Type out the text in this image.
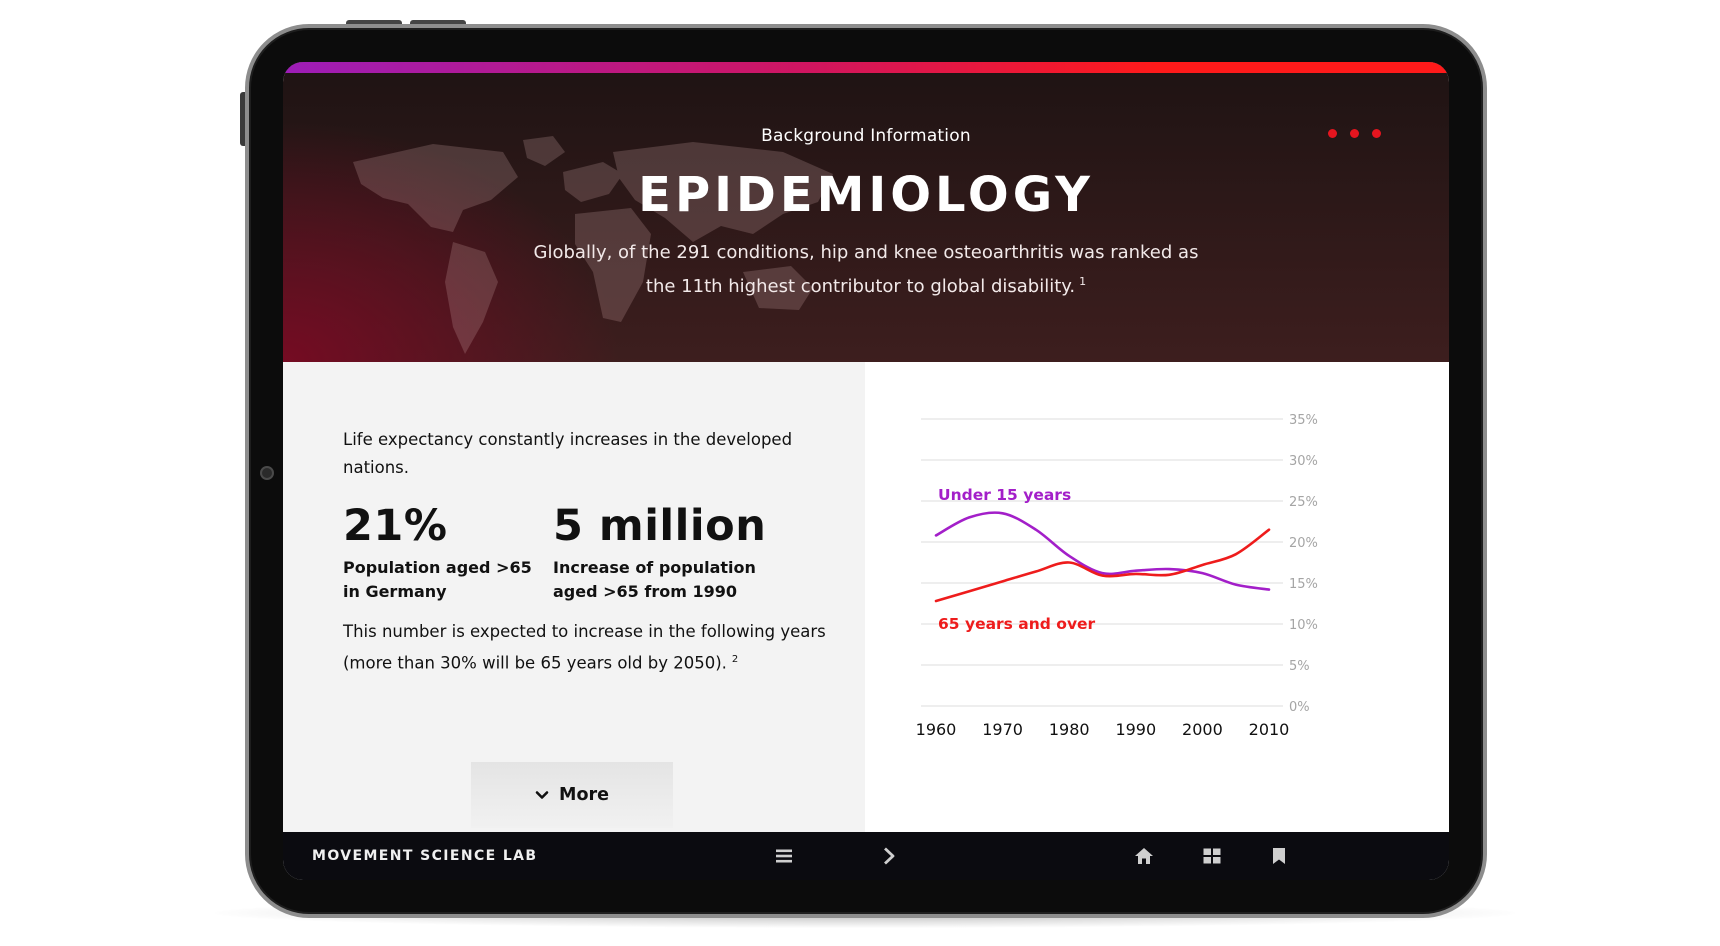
Background Information
EPIDEMIOLOGY
Globally, of the 291 conditions, hip and knee osteoarthritis was ranked as the 11th highest contributor to global disability. $^1$
Life expectancy constantly increases in the developed nations.
21%
Population aged >65
in Germany
5 million
Increase of population
aged >65 from 1990
This number is expected to increase in the following years (more than 30% will be 65 years old by 2050). $^2$
More
0%
5%
10%
15%
20%
25%
30%
35%
1960 1970 1980 1990 2000 2010
Under 15 years
65 years and over
MOVEMENT SCIENCE LAB
